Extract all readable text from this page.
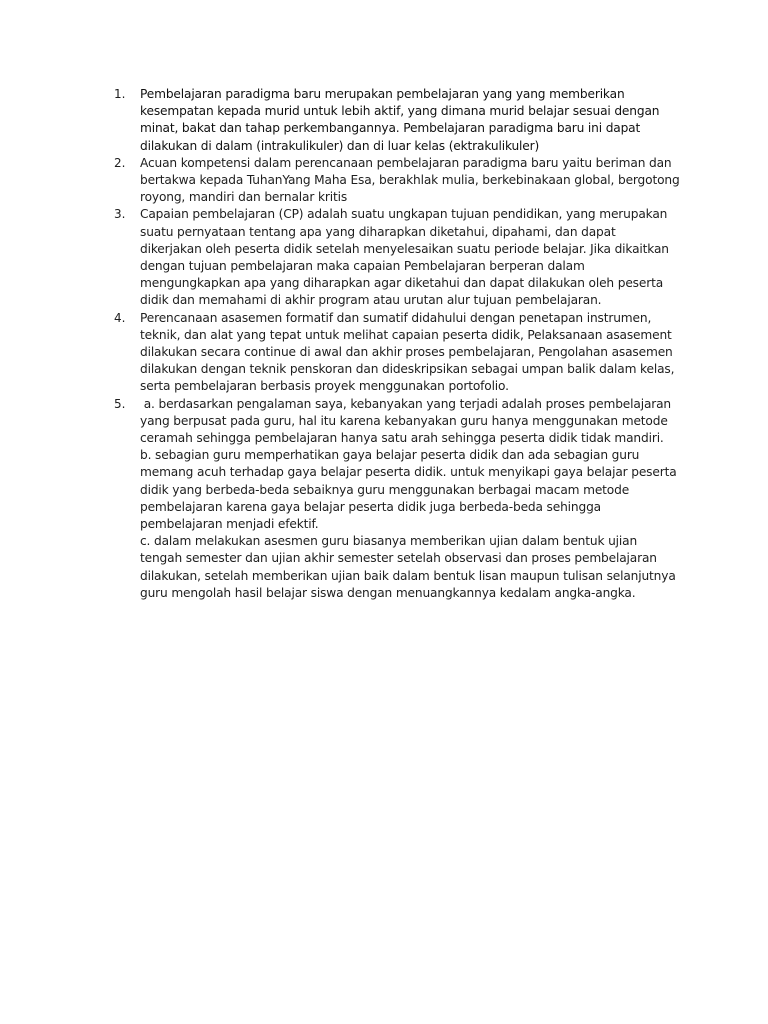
1.	Pembelajaran paradigma baru merupakan pembelajaran yang yang memberikan kesempatan kepada murid untuk lebih aktif, yang dimana murid belajar sesuai dengan minat, bakat dan tahap perkembangannya. Pembelajaran paradigma baru ini dapat dilakukan di dalam (intrakulikuler) dan di luar kelas (ektrakulikuler)
2.	Acuan kompetensi dalam perencanaan pembelajaran paradigma baru yaitu beriman dan bertakwa kepada TuhanYang Maha Esa, berakhlak mulia, berkebinakaan global, bergotong royong, mandiri dan bernalar kritis
3.	Capaian pembelajaran (CP) adalah suatu ungkapan tujuan pendidikan, yang merupakan suatu pernyataan tentang apa yang diharapkan diketahui, dipahami, dan dapat dikerjakan oleh peserta didik setelah menyelesaikan suatu periode belajar. Jika dikaitkan dengan tujuan pembelajaran maka capaian Pembelajaran berperan dalam mengungkapkan apa yang diharapkan agar diketahui dan dapat dilakukan oleh peserta didik dan memahami di akhir program atau urutan alur tujuan pembelajaran.
4.	Perencanaan asasemen formatif dan sumatif didahului dengan penetapan instrumen, teknik, dan alat yang tepat untuk melihat capaian peserta didik, Pelaksanaan asasement dilakukan secara continue di awal dan akhir proses pembelajaran, Pengolahan asasemen dilakukan dengan teknik penskoran dan dideskripsikan sebagai umpan balik dalam kelas, serta pembelajaran berbasis proyek menggunakan portofolio.
5.	a. berdasarkan pengalaman saya, kebanyakan yang terjadi adalah proses pembelajaran yang berpusat pada guru, hal itu karena kebanyakan guru hanya menggunakan metode ceramah sehingga pembelajaran hanya satu arah sehingga peserta didik tidak mandiri.
b. sebagian guru memperhatikan gaya belajar peserta didik dan ada sebagian guru memang acuh terhadap gaya belajar peserta didik. untuk menyikapi gaya belajar peserta didik yang berbeda-beda sebaiknya guru menggunakan berbagai macam metode pembelajaran karena gaya belajar peserta didik juga berbeda-beda sehingga pembelajaran menjadi efektif.
c. dalam melakukan asesmen guru biasanya memberikan ujian dalam bentuk ujian tengah semester dan ujian akhir semester setelah observasi dan proses pembelajaran dilakukan, setelah memberikan ujian baik dalam bentuk lisan maupun tulisan selanjutnya guru mengolah hasil belajar siswa dengan menuangkannya kedalam angka-angka.
